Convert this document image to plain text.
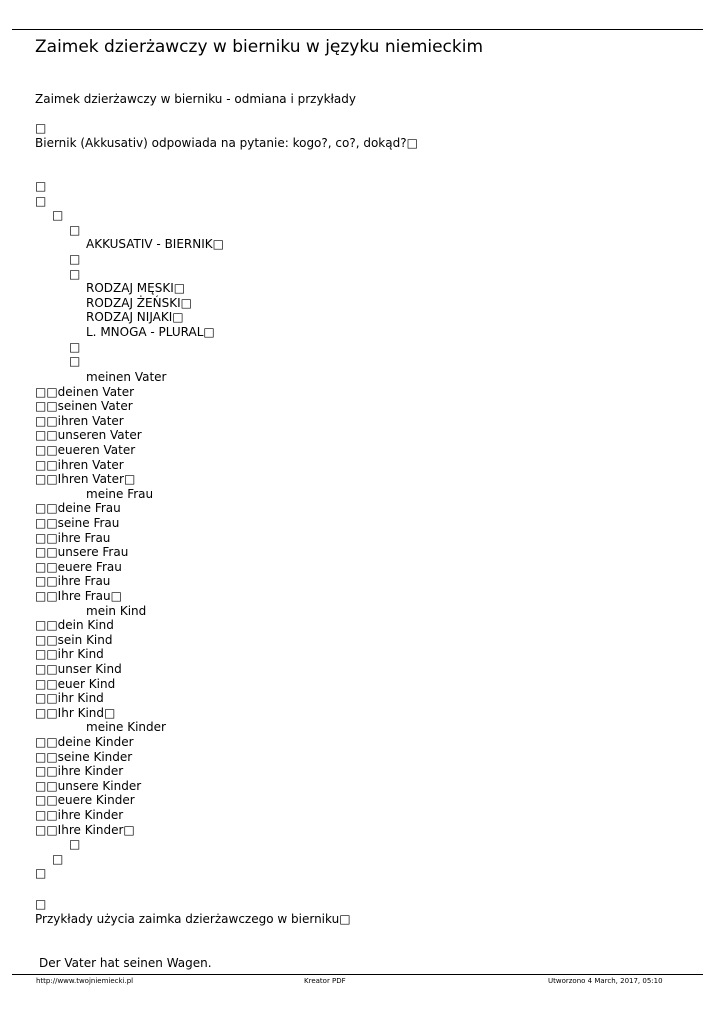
Zaimek dzierżawczy w bierniku w języku niemieckim
Zaimek dzierżawczy w bierniku - odmiana i przykłady
□
Biernik (Akkusativ) odpowiada na pytanie: kogo?, co?, dokąd?□
□
□
□
□
AKKUSATIV - BIERNIK□
□
□
RODZAJ MĘSKI□
RODZAJ ŻEŃSKI□
RODZAJ NIJAKI□
L. MNOGA - PLURAL□
□
□
meinen Vater
□□deinen Vater
□□seinen Vater
□□ihren Vater
□□unseren Vater
□□eueren Vater
□□ihren Vater
□□Ihren Vater□
meine Frau
□□deine Frau
□□seine Frau
□□ihre Frau
□□unsere Frau
□□euere Frau
□□ihre Frau
□□Ihre Frau□
mein Kind
□□dein Kind
□□sein Kind
□□ihr Kind
□□unser Kind
□□euer Kind
□□ihr Kind
□□Ihr Kind□
meine Kinder
□□deine Kinder
□□seine Kinder
□□ihre Kinder
□□unsere Kinder
□□euere Kinder
□□ihre Kinder
□□Ihre Kinder□
□
□
□
□
Przykłady użycia zaimka dzierżawczego w bierniku□
Der Vater hat seinen Wagen.
http://www.twojniemiecki.pl	Kreator PDF	Utworzono 4 March, 2017, 05:10
